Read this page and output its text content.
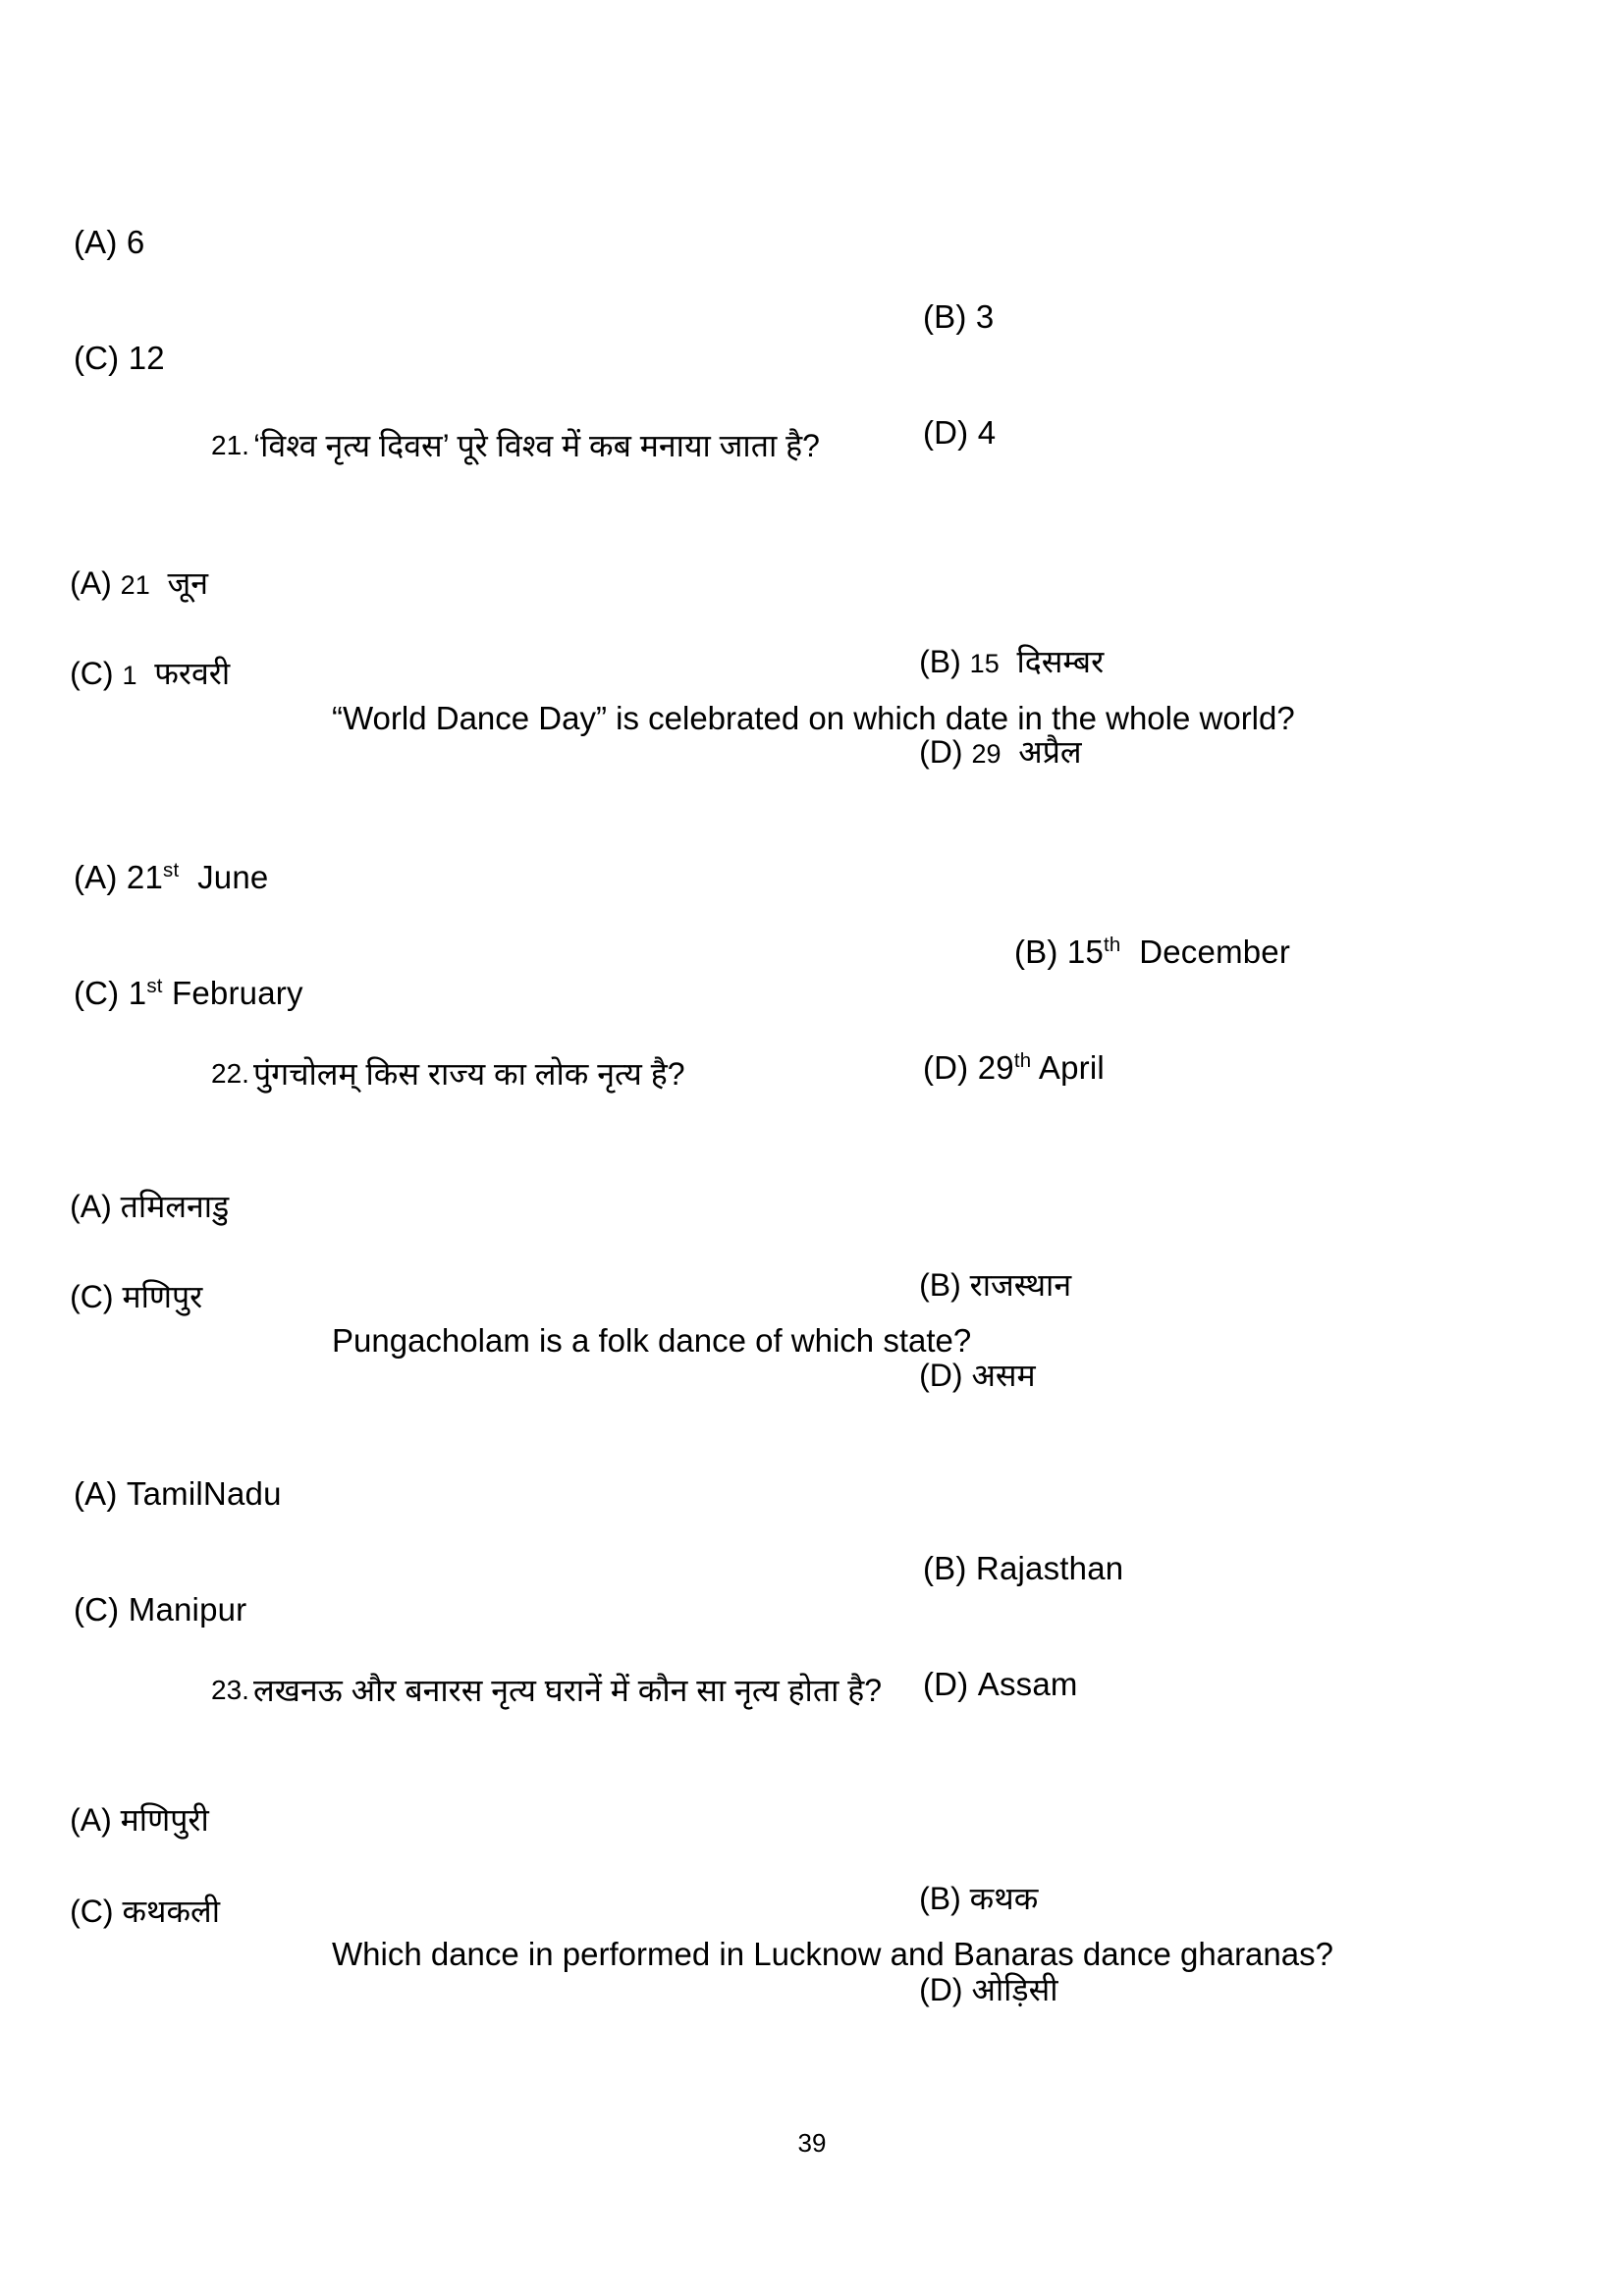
(A) 6

(B) 3

(C) 12

(D) 4

21. ‘विश्व नृत्य दिवस’ पूरे विश्व में कब मनाया जाता है?

(A) 21 जून

(B) 15 दिसम्बर

(C) 1 फरवरी

(D) 29 अप्रैल

“World Dance Day” is celebrated on which date in the whole world?

(A) 21st  June

(B) 15th  December

(C) 1st February

(D) 29th April

22. पुंगचोलम् किस राज्य का लोक नृत्य है?

(A) तमिलनाडु

(B) राजस्थान

(C) मणिपुर

(D) असम

Pungacholam is a folk dance of which state?

(A) TamilNadu

(B) Rajasthan

(C) Manipur

(D) Assam

23. लखनऊ और बनारस नृत्य घरानें में कौन सा नृत्य होता है?

(A) मणिपुरी

(B) कथक

(C) कथकली

(D) ओड़िसी

Which dance in performed in Lucknow and Banaras dance gharanas?
39
